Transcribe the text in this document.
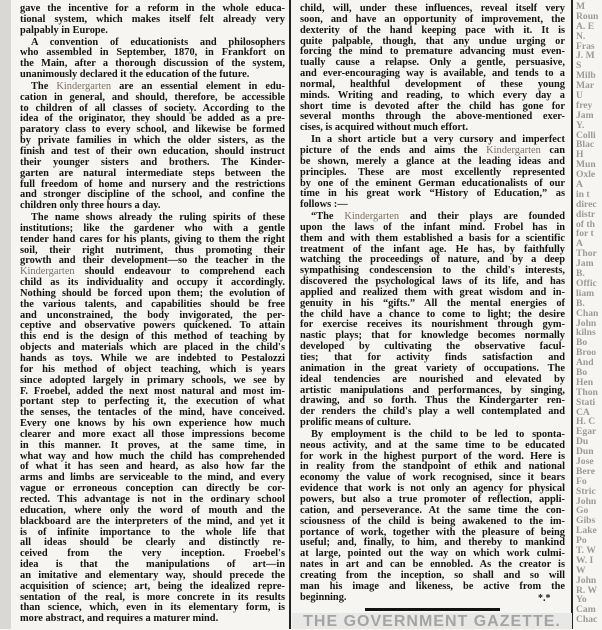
gave the incentive for a reform in the whole educa-
tional system, which makes itself felt already very
palpably in Europe.
A convention of educationists and philosophers
who assembled in September, 1870, in Frankfort on
the Main, after a thorough discussion of the system,
unanimously declared it the education of the future.
The Kindergarten are an essential element in edu-
cation in general, and should, therefore, be accessible
to children of all classes of society. According to the
idea of the originator, they should be added as a pre-
paratory class to every school, and likewise be formed
by private families in which the older sisters, as the
finish and test of their own education, should instruct
their younger sisters and brothers. The Kinder-
garten are natural intermediate steps between the
full freedom of home and nursery and the restrictions
and stronger discipline of the school, and confine the
children only three hours a day.
The name shows already the ruling spirits of these
institutions; like the gardener who with a gentle
tender hand cares for his plants, giving to them the right
soil, their right nutriment, thus promoting their
growth and their development—so the teacher in the
Kindergarten should endeavour to comprehend each
child as its individuality and occupy it accordingly.
Nothing should be forced upon them; the evolution of
the various talents, and capabilities should be free
and unconstrained, the body invigorated, the per-
ceptive and observative powers quickened. To attain
this end is the design of this method of teaching by
objects and materials which are placed in the child's
hands as toys. While we are indebted to Pestalozzi
for his method of object teaching, which is years
since adopted largely in primary schools, we see by
F. Froebel, added the next most natural and most im-
portant step to perfecting it, the execution of what
the senses, the tentacles of the mind, have conceived.
Every one knows by his own experience how much
clearer and more exact all those impressions become
in this manner. It proves, at the same time, in
what way and how much the child has comprehended
of what it has seen and heard, as also how far the
arms and limbs are serviceable to the mind, and every
vague or erroneous conception can directly be cor-
rected. This advantage is not in the ordinary school
education, where only the word of mouth and the
blackboard are the interpreters of the mind, and yet it
is of infinite importance to the whole life that
all ideas should be clearly and distinctly re-
ceived from the very inception. Froebel's
idea is that the manipulations of art—in
an imitative and elementary way, should precede the
acquisition of science; art, being the idealized repre-
sentation of the real, is more concrete in its results
than science, which, even in its elementary form, is
more abstract, and requires a maturer mind.
child, will, under these influences, reveal itself very
soon, and have an opportunity of improvement, the
dexterity of the hand keeping pace with it. It is
quite palpable, though, that any undue urging or
forcing the mind to premature advancing must even-
tually cause a relapse. Only a gentle, persuasive,
and ever-encouraging way is available, and tends to a
normal, healthful development of these young
minds. Writing and reading, to which every day a
short time is devoted after the child has gone for
several months through the above-mentioned exer-
cises, is acquired without much effort.
In a short article but a very cursory and imperfect
picture of the ends and aims the Kindergarten can
be shown, merely a glance at the leading ideas and
principles. These are most excellently represented
by one of the eminent German educationalists of our
time in his great work “History of Education,” as
follows :—
“The Kindergarten and their plays are founded
upon the laws of the infant mind. Frobel has in
them and with them established a basis for a scientific
treatment of the infant age. He has, by faithfully
watching the proceedings of nature, and by a deep
sympathising condescension to the child's interests,
discovered the psychological laws of its life, and has
applied and realized them with great wisdom and in-
genuity in his “gifts.” All the mental energies of
the child have a chance to come to light; the desire
for exercise receives its nourishment through gym-
nastic plays; that for knowledge becomes normally
developed by cultivating the observative facul-
ties; that for activity finds satisfaction and
animation in the great variety of occupations. The
ideal tendencies are nourished and elevated by
artistic manipulations and performances, by singing,
drawing, and so forth. Thus the Kindergarter ren-
der renders the child's play a well contemplated and
prolific means of culture.
By employment is the child to be led to sponta-
neous activity, and at the same time to be educated
for work in the highest purport of the word. Here is
in reality from the standpoint of ethik and national
economy the value of work recognised, since it bears
evidence that work is not only an agency for physical
powers, but also a true promoter of reflection, appli-
cation, and perseverance. At the same time the con-
sciousness of the child is being awakened to the im-
portance of work, together with the pleasure of being
useful; and, finally, to him, and thereby to mankind
at large, pointed out the way on which work culmi-
nates in art and can be ennobled. As the creator is
creating from the inception, so shall and so will
man his image and likeness, be active from the
beginning.
M
Roun
A. E
N.
Fras
J. M
S
Milb
Mar
U
frey
Jam
Y.
Colli
Blac
H
Mun
Oxle
A
in t
direc
distr
of th
for t
A
Thor
Jam
B.
Offic
liam
B.
Chan
John
kilns
Bo
Broo
And
Bo
Hen
Thon
Stati
CA
H. C
Egar
Du
Dun
Jose
Bere
Fo
Stric
John
Go
Gibs
Lake
Po
T. W
W. I
W
John
R. W
Yo
Cam
Chac
*.*
THE GOVERNMENT GAZETTE.
